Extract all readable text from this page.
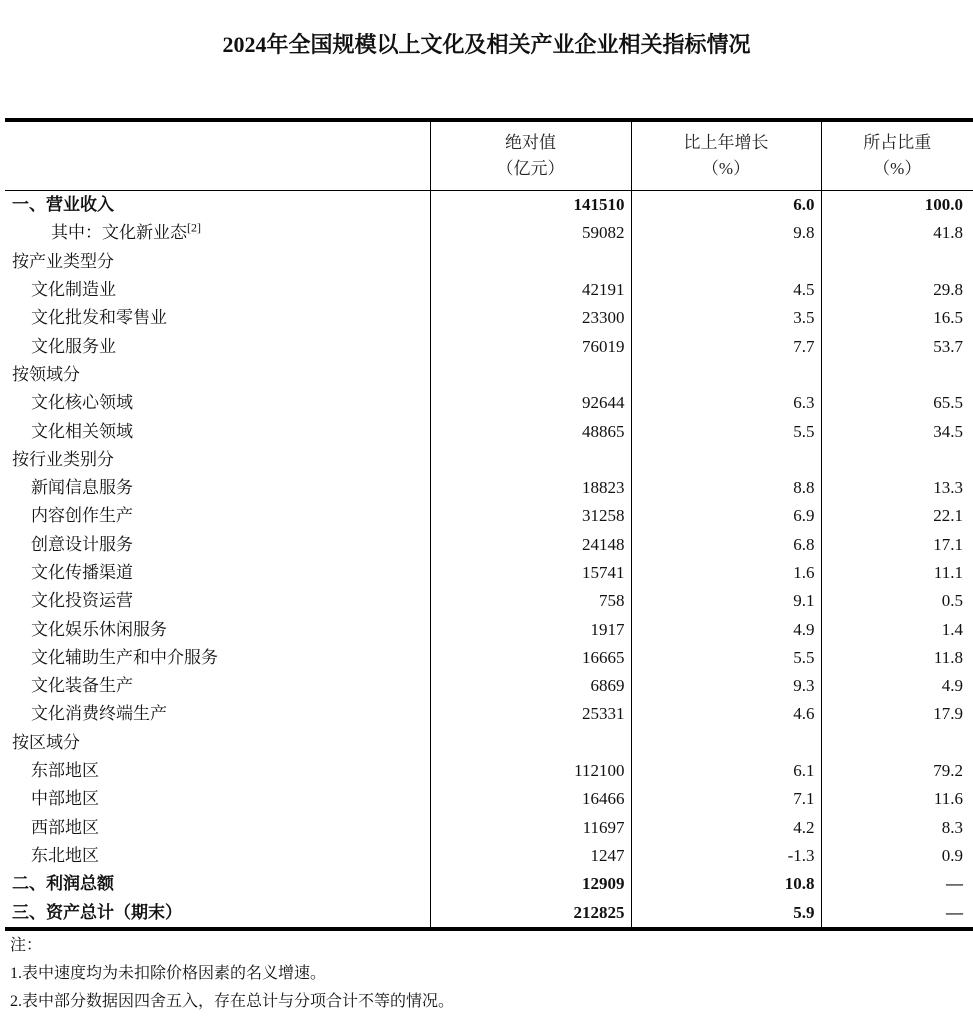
2024年全国规模以上文化及相关产业企业相关指标情况

绝对值
（亿元）

比上年增长
（%）

所占比重
（%）

一、营业收入	141510	6.0	100.0
其中：文化新业态[2]	59082	9.8	41.8
按产业类型分			
文化制造业	42191	4.5	29.8
文化批发和零售业	23300	3.5	16.5
文化服务业	76019	7.7	53.7
按领域分			
文化核心领域	92644	6.3	65.5
文化相关领域	48865	5.5	34.5
按行业类别分			
新闻信息服务	18823	8.8	13.3
内容创作生产	31258	6.9	22.1
创意设计服务	24148	6.8	17.1
文化传播渠道	15741	1.6	11.1
文化投资运营	758	9.1	0.5
文化娱乐休闲服务	1917	4.9	1.4
文化辅助生产和中介服务	16665	5.5	11.8
文化装备生产	6869	9.3	4.9
文化消费终端生产	25331	4.6	17.9
按区域分			
东部地区	112100	6.1	79.2
中部地区	16466	7.1	11.6
西部地区	11697	4.2	8.3
东北地区	1247	-1.3	0.9
二、利润总额	12909	10.8	—
三、资产总计（期末）	212825	5.9	—
注：
1.表中速度均为未扣除价格因素的名义增速。
2.表中部分数据因四舍五入，存在总计与分项合计不等的情况。
